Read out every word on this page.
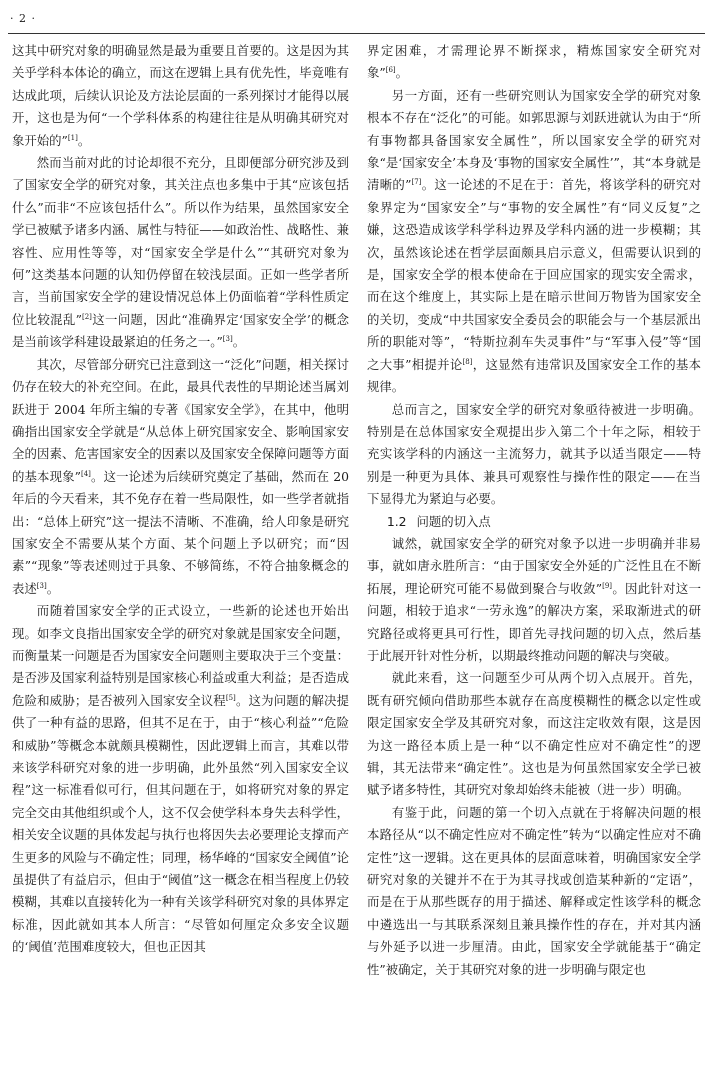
· 2 ·

这其中研究对象的明确显然是最为重要且首要的。这是因为其关乎学科本体论的确立，而这在逻辑上具有优先性，毕竟唯有达成此项，后续认识论及方法论层面的一系列探讨才能得以展开，这也是为何“一个学科体系的构建往往是从明确其研究对象开始的”[1]。

然而当前对此的讨论却很不充分，且即便部分研究涉及到了国家安全学的研究对象，其关注点也多集中于其“应该包括什么”而非“不应该包括什么”。所以作为结果，虽然国家安全学已被赋予诸多内涵、属性与特征——如政治性、战略性、兼容性、应用性等等，对“国家安全学是什么”“其研究对象为何”这类基本问题的认知仍停留在较浅层面。正如一些学者所言，当前国家安全学的建设情况总体上仍面临着“学科性质定位比较混乱”[2]这一问题，因此“准确界定‘国家安全学’的概念是当前该学科建设最紧迫的任务之一。”[3]。

其次，尽管部分研究已注意到这一“泛化”问题，相关探讨仍存在较大的补充空间。在此，最具代表性的早期论述当属刘跃进于 2004 年所主编的专著《国家安全学》，在其中，他明确指出国家安全学就是“从总体上研究国家安全、影响国家安全的因素、危害国家安全的因素以及国家安全保障问题等方面的基本现象”[4]。这一论述为后续研究奠定了基础，然而在 20 年后的今天看来，其不免存在着一些局限性，如一些学者就指出：“总体上研究”这一提法不清晰、不准确，给人印象是研究国家安全不需要从某个方面、某个问题上予以研究；而“因素”“现象”等表述则过于具象、不够简练，不符合抽象概念的表述[3]。

而随着国家安全学的正式设立，一些新的论述也开始出现。如李文良指出国家安全学的研究对象就是国家安全问题，而衡量某一问题是否为国家安全问题则主要取决于三个变量：是否涉及国家利益特别是国家核心利益或重大利益；是否造成危险和威胁；是否被列入国家安全议程[5]。这为问题的解决提供了一种有益的思路，但其不足在于，由于“核心利益”“危险和威胁”等概念本就颇具模糊性，因此逻辑上而言，其难以带来该学科研究对象的进一步明确，此外虽然“列入国家安全议程”这一标准看似可行，但其问题在于，如将研究对象的界定完全交由其他组织或个人，这不仅会使学科本身失去科学性，相关安全议题的具体发起与执行也将因失去必要理论支撑而产生更多的风险与不确定性；同理，杨华峰的“国家安全阈值”论虽提供了有益启示，但由于“阈值”这一概念在相当程度上仍较模糊，其难以直接转化为一种有关该学科研究对象的具体界定标准，因此就如其本人所言：“尽管如何厘定众多安全议题的‘阈值’范围难度较大，但也正因其

界定困难，才需理论界不断探求，精炼国家安全研究对象”[6]。

另一方面，还有一些研究则认为国家安全学的研究对象根本不存在“泛化”的可能。如郭思源与刘跃进就认为由于“所有事物都具备国家安全属性”，所以国家安全学的研究对象“是‘国家安全’本身及‘事物的国家安全属性’”，其“本身就是清晰的”[7]。这一论述的不足在于：首先，将该学科的研究对象界定为“国家安全”与“事物的安全属性”有“同义反复”之嫌，这恐造成该学科学科边界及学科内涵的进一步模糊；其次，虽然该论述在哲学层面颇具启示意义，但需要认识到的是，国家安全学的根本使命在于回应国家的现实安全需求，而在这个维度上，其实际上是在暗示世间万物皆为国家安全的关切，变成“中共国家安全委员会的职能会与一个基层派出所的职能对等”，“特斯拉刹车失灵事件”与“军事入侵”等“国之大事”相提并论[8]，这显然有违常识及国家安全工作的基本规律。

总而言之，国家安全学的研究对象亟待被进一步明确。特别是在总体国家安全观提出步入第二个十年之际，相较于充实该学科的内涵这一主流努力，就其予以适当限定——特别是一种更为具体、兼具可观察性与操作性的限定——在当下显得尤为紧迫与必要。

1.2 问题的切入点

诚然，就国家安全学的研究对象予以进一步明确并非易事，就如唐永胜所言：“由于国家安全外延的广泛性且在不断拓展，理论研究可能不易做到聚合与收敛”[9]。因此针对这一问题，相较于追求“一劳永逸”的解决方案，采取渐进式的研究路径或将更具可行性，即首先寻找问题的切入点，然后基于此展开针对性分析，以期最终推动问题的解决与突破。

就此来看，这一问题至少可从两个切入点展开。首先，既有研究倾向借助那些本就存在高度模糊性的概念以定性或限定国家安全学及其研究对象，而这注定收效有限，这是因为这一路径本质上是一种“以不确定性应对不确定性”的逻辑，其无法带来“确定性”。这也是为何虽然国家安全学已被赋予诸多特性，其研究对象却始终未能被（进一步）明确。

有鉴于此，问题的第一个切入点就在于将解决问题的根本路径从“以不确定性应对不确定性”转为“以确定性应对不确定性”这一逻辑。这在更具体的层面意味着，明确国家安全学研究对象的关键并不在于为其寻找或创造某种新的“定语”，而是在于从那些既存的用于描述、解释或定性该学科的概念中遴选出一与其联系深刻且兼具操作性的存在，并对其内涵与外延予以进一步厘清。由此，国家安全学就能基于“确定性”被确定，关于其研究对象的进一步明确与限定也
